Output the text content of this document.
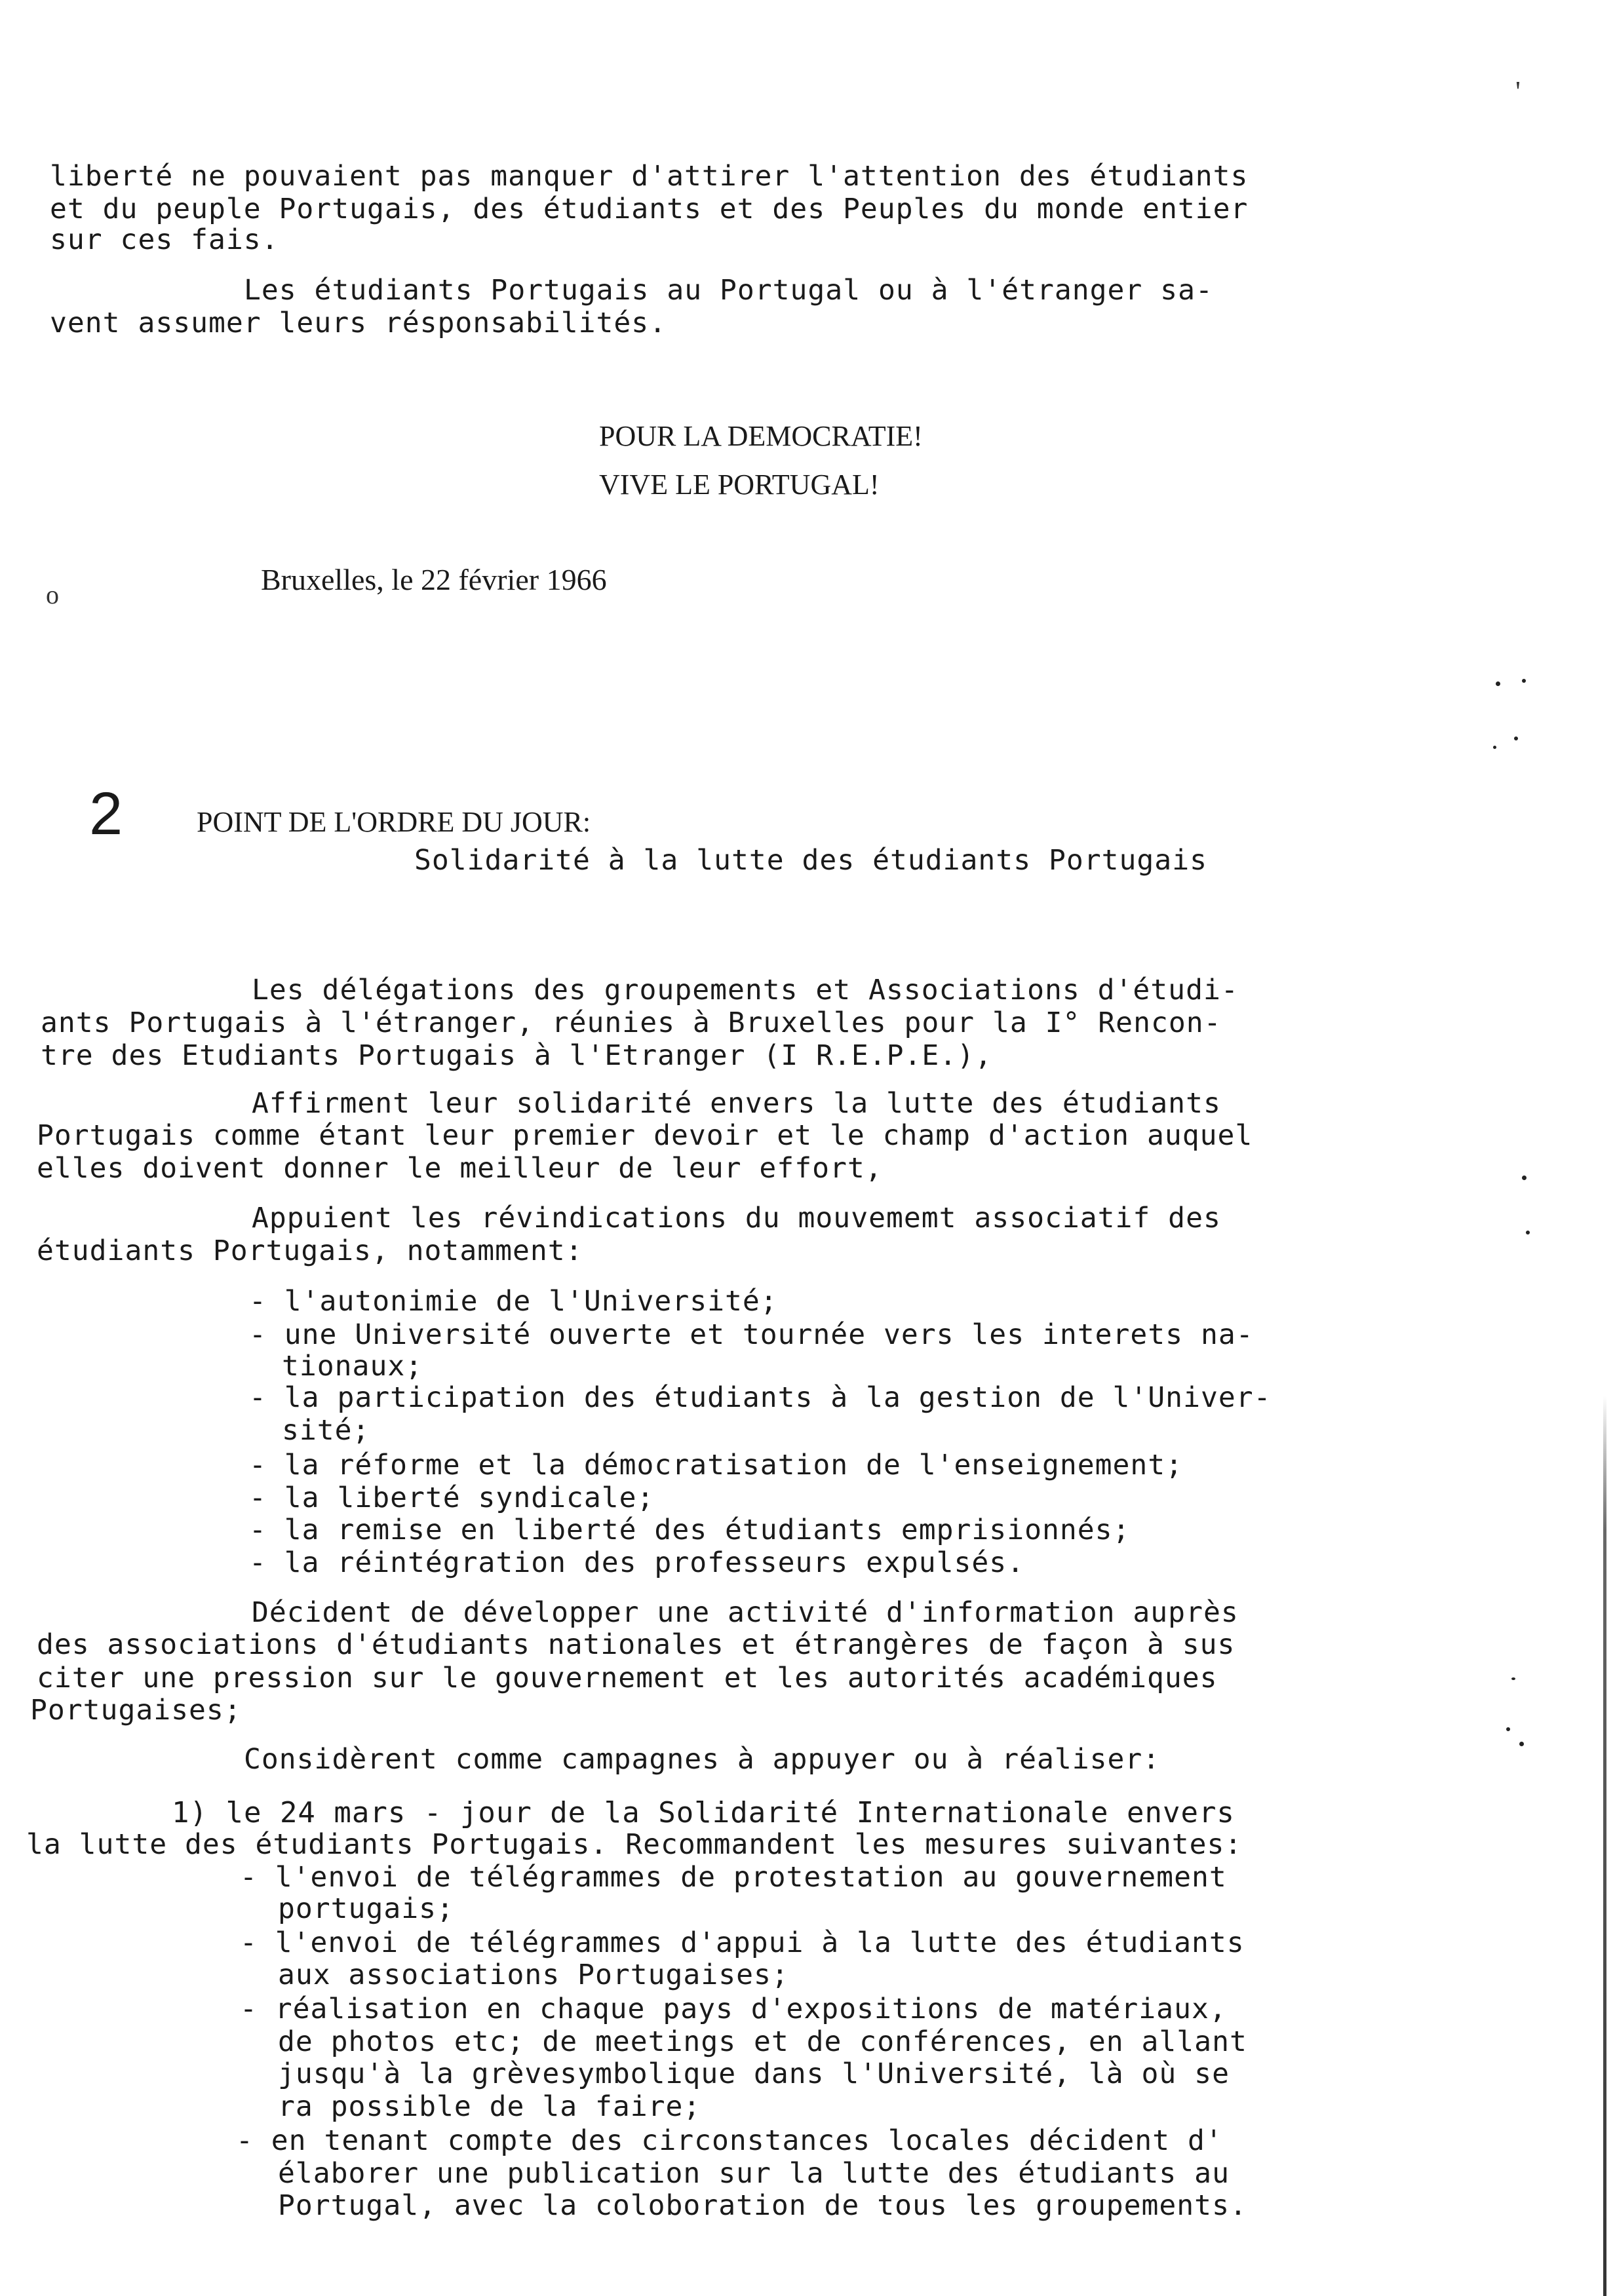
'
liberté ne pouvaient pas manquer d'attirer l'attention des étudiants
et du peuple Portugais, des étudiants et des Peuples du monde entier
sur ces fais.
Les étudiants Portugais au Portugal ou à l'étranger sa-
vent assumer leurs résponsabilités.
POUR LA DEMOCRATIE!
VIVE LE PORTUGAL!
Bruxelles, le 22 février 1966
o
2	POINT DE L'ORDRE DU JOUR:
Solidarité à la lutte des étudiants Portugais
Les délégations des groupements et Associations d'étudi-
ants Portugais à l'étranger, réunies à Bruxelles pour la I° Rencon-
tre des Etudiants Portugais à l'Etranger (I R.E.P.E.),
Affirment leur solidarité envers la lutte des étudiants
Portugais comme étant leur premier devoir et le champ d'action auquel
elles doivent donner le meilleur de leur effort,
Appuient les révindications du mouvememt associatif des
étudiants Portugais, notamment:
- l'autonimie de l'Université;
- une Université ouverte et tournée vers les interets na-
tionaux;
- la participation des étudiants à la gestion de l'Univer-
sité;
- la réforme et la démocratisation de l'enseignement;
- la liberté syndicale;
- la remise en liberté des étudiants emprisionnés;
- la réintégration des professeurs expulsés.
Décident de développer une activité d'information auprès
des associations d'étudiants nationales et étrangères de façon à sus
citer une pression sur le gouvernement et les autorités académiques
Portugaises;
Considèrent comme campagnes à appuyer ou à réaliser:
1) le 24 mars - jour de la Solidarité Internationale envers
la lutte des étudiants Portugais. Recommandent les mesures suivantes:
- l'envoi de télégrammes de protestation au gouvernement
portugais;
- l'envoi de télégrammes d'appui à la lutte des étudiants
aux associations Portugaises;
- réalisation en chaque pays d'expositions de matériaux,
de photos etc; de meetings et de conférences, en allant
jusqu'à la grèvesymbolique dans l'Université, là où se
ra possible de la faire;
- en tenant compte des circonstances locales décident d'
élaborer une publication sur la lutte des étudiants au
Portugal, avec la coloboration de tous les groupements.
